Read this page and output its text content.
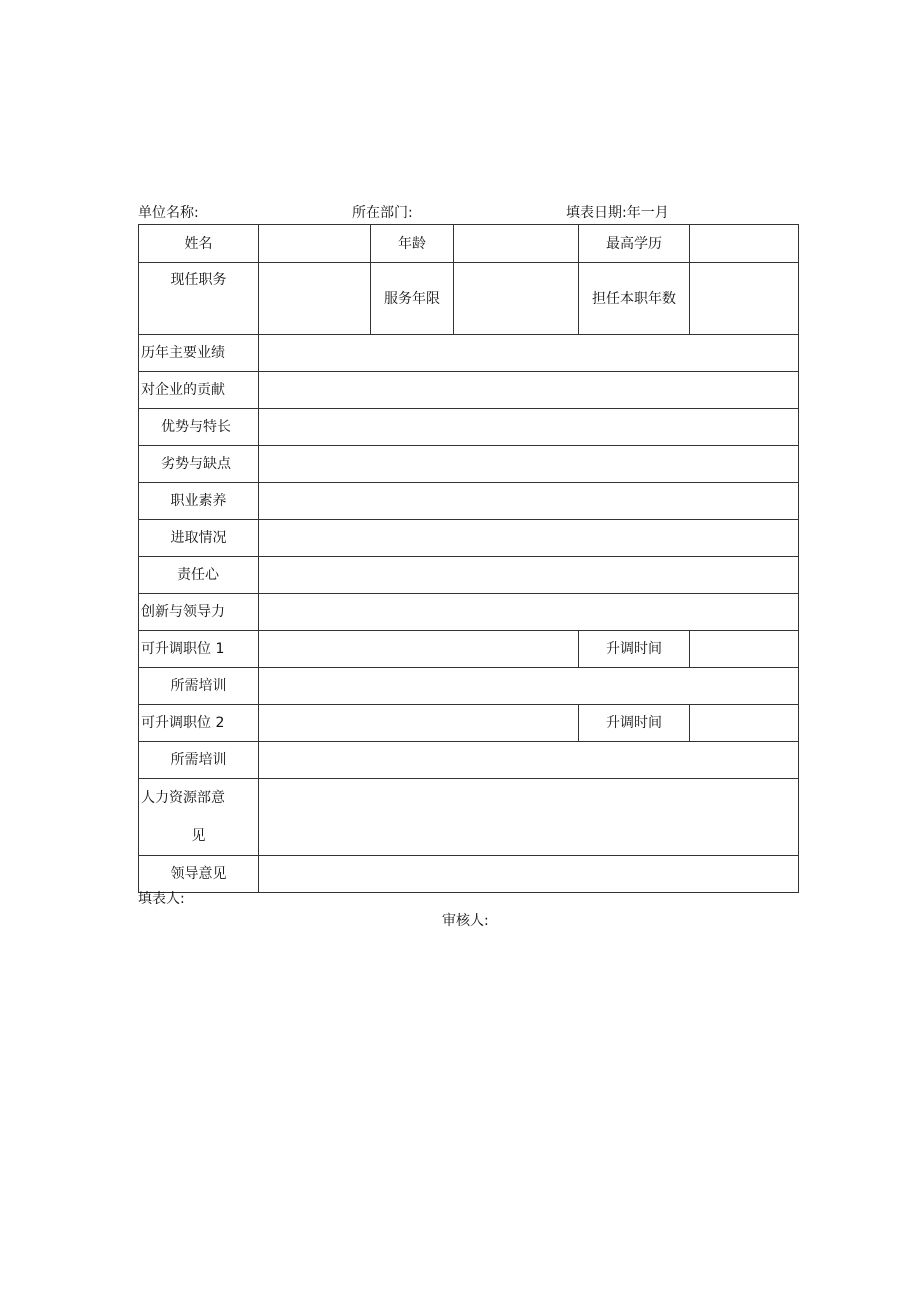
单位名称:	所在部门:	填表日期:年一月
姓名		年龄		最高学历	
现任职务		服务年限		担任本职年数	
历年主要业绩					
对企业的贡献					
优势与特长					
劣势与缺点					
职业素养					
进取情况					
责任心					
创新与领导力					
可升调职位 1				升调时间	
所需培训					
可升调职位 2				升调时间	
所需培训					

人力资源部意
见					

领导意见					
填表人:
审核人:
